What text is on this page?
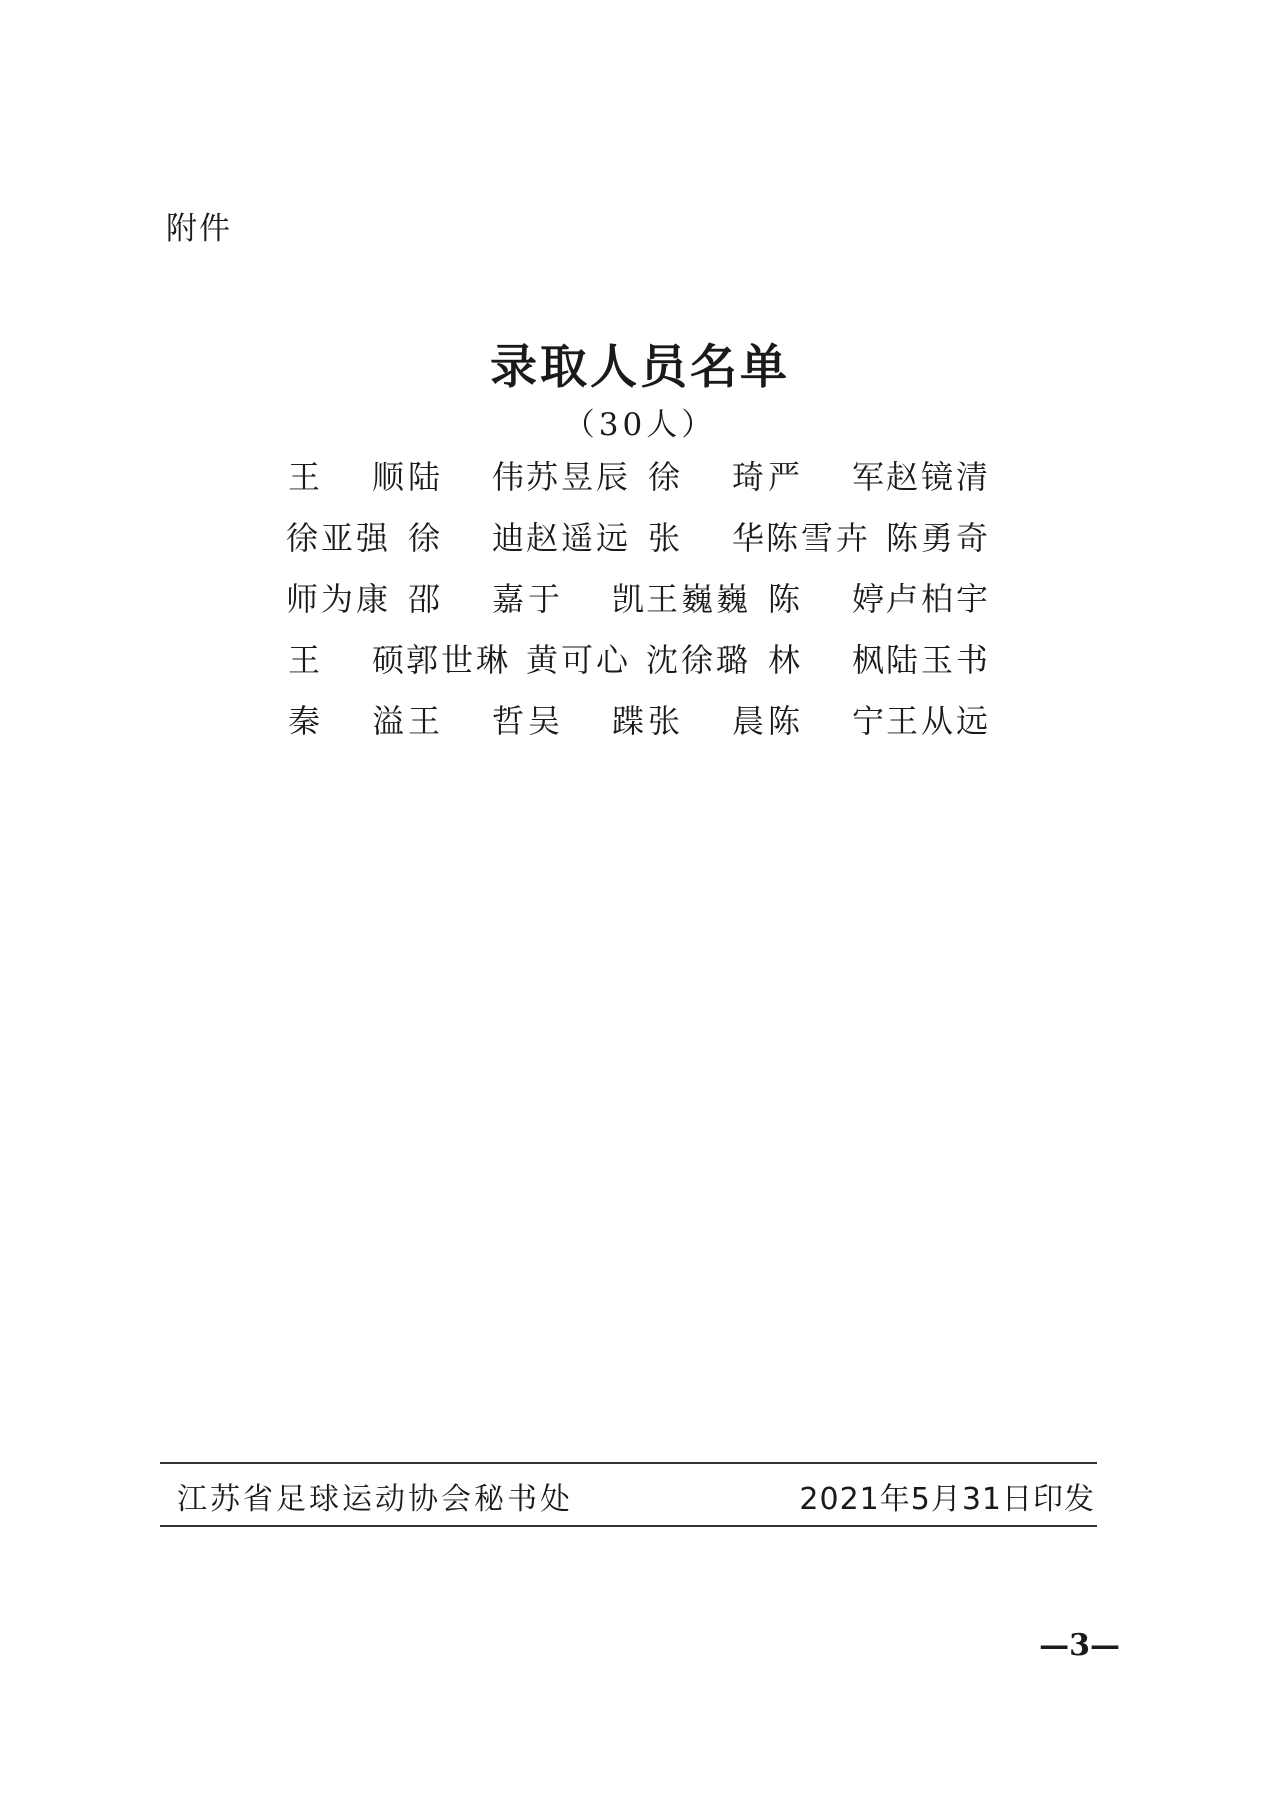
附件
录取人员名单
（30人）
王 顺 陆 伟 苏昱辰 徐 琦 严 军 赵镜清
徐亚强 徐 迪 赵遥远 张 华 陈雪卉 陈勇奇
师为康 邵 嘉 于 凯 王巍巍 陈 婷 卢柏宇
王 硕 郭世琳 黄可心 沈徐璐 林 枫 陆玉书
秦 溢 王 哲 吴 蹀 张 晨 陈 宁 王从远
江苏省足球运动协会秘书处	2021年5月31日印发
—3—
